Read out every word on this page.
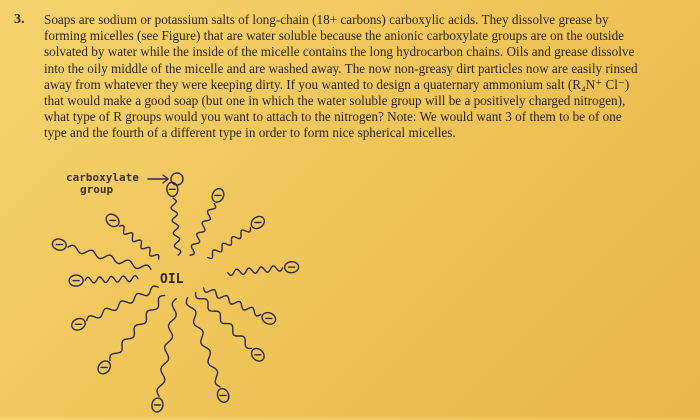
3. Soaps are sodium or potassium salts of long-chain (18+ carbons) carboxylic acids. They dissolve grease by
forming micelles (see Figure) that are water soluble because the anionic carboxylate groups are on the outside
solvated by water while the inside of the micelle contains the long hydrocarbon chains. Oils and grease dissolve
into the oily middle of the micelle and are washed away. The now non-greasy dirt particles now are easily rinsed
away from whatever they were keeping dirty. If you wanted to design a quaternary ammonium salt (R₄N⁺ Cl⁻)
that would make a good soap (but one in which the water soluble group will be a positively charged nitrogen),
what type of R groups would you want to attach to the nitrogen? Note: We would want 3 of them to be of one
type and the fourth of a different type in order to form nice spherical micelles.
carboxylate
group
OIL
